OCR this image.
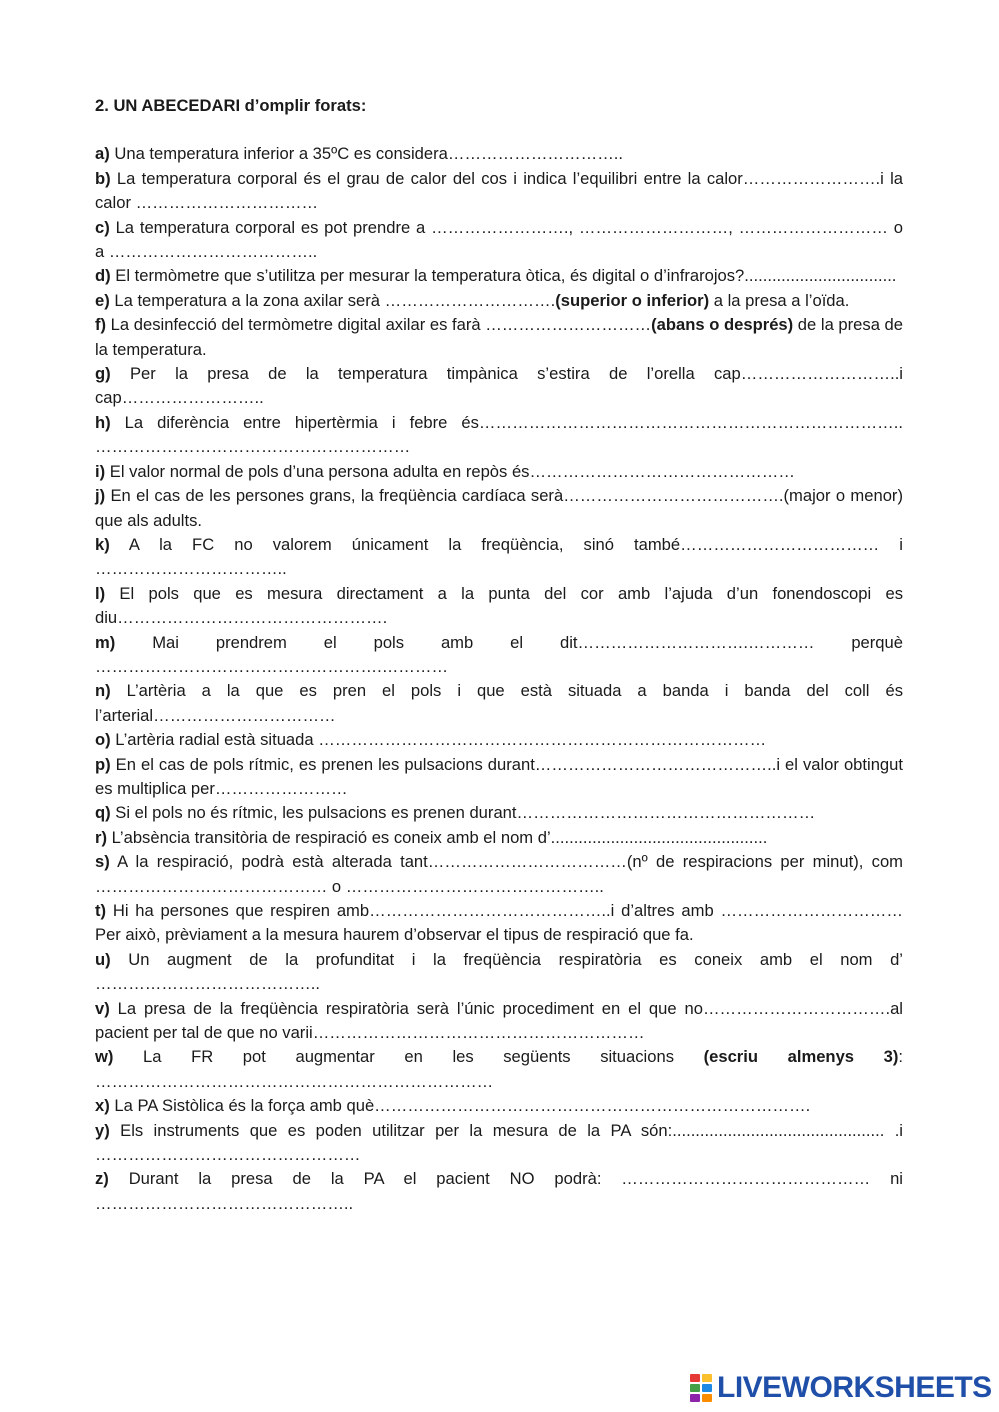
2. UN ABECEDARI d’omplir forats:

a) Una temperatura inferior a 35ºC es considera…………………………..

b) La temperatura corporal és el grau de calor del cos i indica l’equilibri entre la calor…………………….i la calor ……………………………

c) La temperatura corporal es pot prendre a ……………………., ………………………, ……………………… o a ………………………………..

d) El termòmetre que s’utilitza per mesurar la temperatura òtica, és digital o d’infrarojos?.................................

e) La temperatura a la zona axilar serà ………………………….(superior o inferior) a la presa a l’oïda.

f) La desinfecció del termòmetre digital axilar es farà …………………………(abans o després) de la presa de la temperatura.

g) Per la presa de la temperatura timpànica s’estira de l’orella cap………………………..i cap……………………..

h) La diferència entre hipertèrmia i febre és………………………………………………………………….. …………………………………………………

i) El valor normal de pols d’una persona adulta en repòs és…………………………………………

j) En el cas de les persones grans, la freqüència cardíaca serà………………………………….(major o menor) que als adults.

k) A la FC no valorem únicament la freqüència, sinó també……………………………… i ……………………………..

l) El pols que es mesura directament a la punta del cor amb l’ajuda d’un fonendoscopi es diu………………………………………….

m) Mai prendrem el pols amb el dit………………………….………… perquè …………………………………………….…………

n) L’artèria a la que es pren el pols i que està situada a banda i banda del coll és l’arterial……………………………

o) L’artèria radial està situada ………………………………………………………………………

p) En el cas de pols rítmic, es prenen les pulsacions durant……………………………………..i el valor obtingut es multiplica per……………………

q) Si el pols no és rítmic, les pulsacions es prenen durant………………………………………………

r) L’absència transitòria de respiració es coneix amb el nom d’...............................................

s) A la respiració, podrà està alterada tant………………………………(nº de respiracions per minut), com …………………………………… o ………………………………………..

t) Hi ha persones que respiren amb……………………………………..i d’altres amb ……………………………Per això, prèviament a la mesura haurem d’observar el tipus de respiració que fa.

u) Un augment de la profunditat i la freqüència respiratòria es coneix amb el nom d’ …………………………………..

v) La presa de la freqüència respiratòria serà l’únic procediment en el que no…………………………….al pacient per tal de que no varii……………………………………………………

w) La FR pot augmentar en les següents situacions (escriu almenys 3): ………………………………………………………………

x) La PA Sistòlica és la força amb què…………………………………………………………………….

y) Els instruments que es poden utilitzar per la mesura de la PA són:.............................................. .i …………………………………………

z) Durant la presa de la PA el pacient NO podrà: ……………………………………… ni ………………………………………..

LIVEWORKSHEETS
